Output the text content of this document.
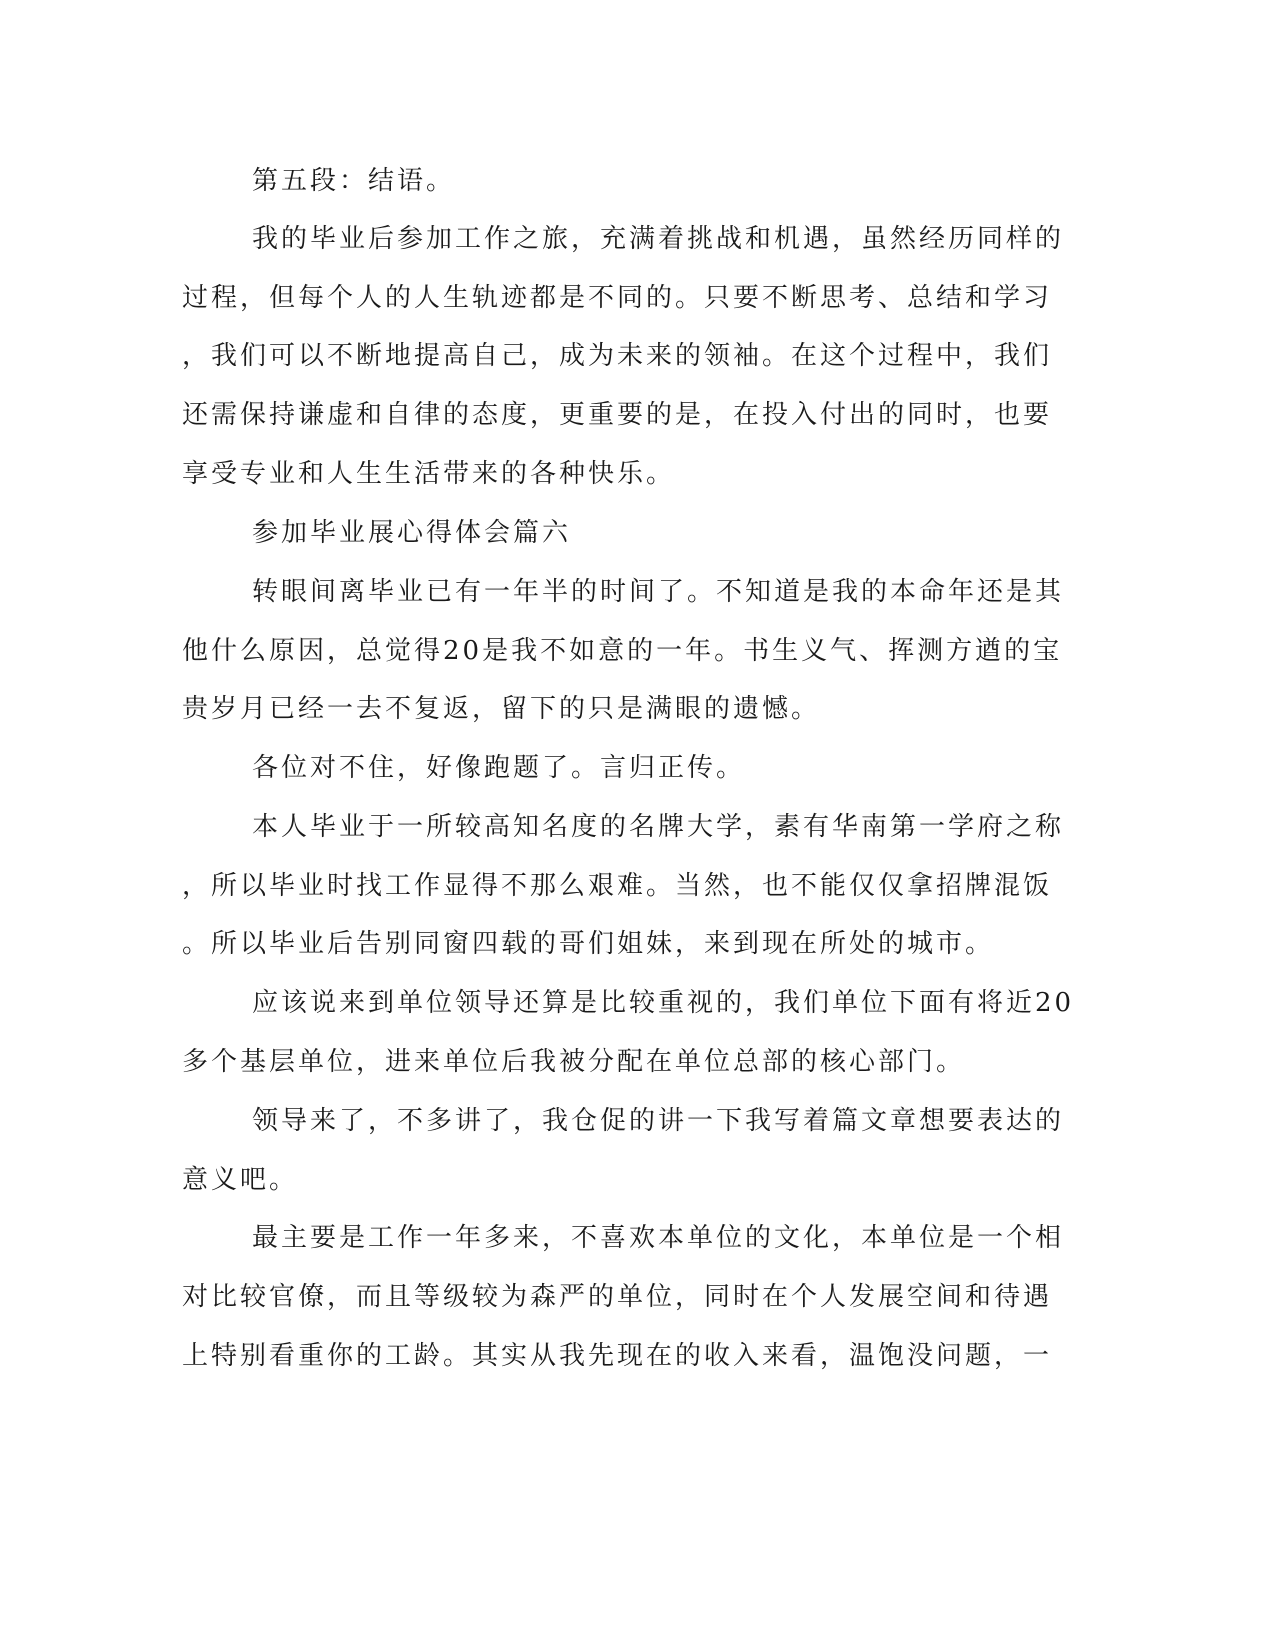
第五段：结语。
我的毕业后参加工作之旅，充满着挑战和机遇，虽然经历同样的
过程，但每个人的人生轨迹都是不同的。只要不断思考、总结和学习
，我们可以不断地提高自己，成为未来的领袖。在这个过程中，我们
还需保持谦虚和自律的态度，更重要的是，在投入付出的同时，也要
享受专业和人生生活带来的各种快乐。
参加毕业展心得体会篇六
转眼间离毕业已有一年半的时间了。不知道是我的本命年还是其
他什么原因，总觉得20是我不如意的一年。书生义气、挥测方遒的宝
贵岁月已经一去不复返，留下的只是满眼的遗憾。
各位对不住，好像跑题了。言归正传。
本人毕业于一所较高知名度的名牌大学，素有华南第一学府之称
，所以毕业时找工作显得不那么艰难。当然，也不能仅仅拿招牌混饭
。所以毕业后告别同窗四载的哥们姐妹，来到现在所处的城市。
应该说来到单位领导还算是比较重视的，我们单位下面有将近20
多个基层单位，进来单位后我被分配在单位总部的核心部门。
领导来了，不多讲了，我仓促的讲一下我写着篇文章想要表达的
意义吧。
最主要是工作一年多来，不喜欢本单位的文化，本单位是一个相
对比较官僚，而且等级较为森严的单位，同时在个人发展空间和待遇
上特别看重你的工龄。其实从我先现在的收入来看，温饱没问题，一
